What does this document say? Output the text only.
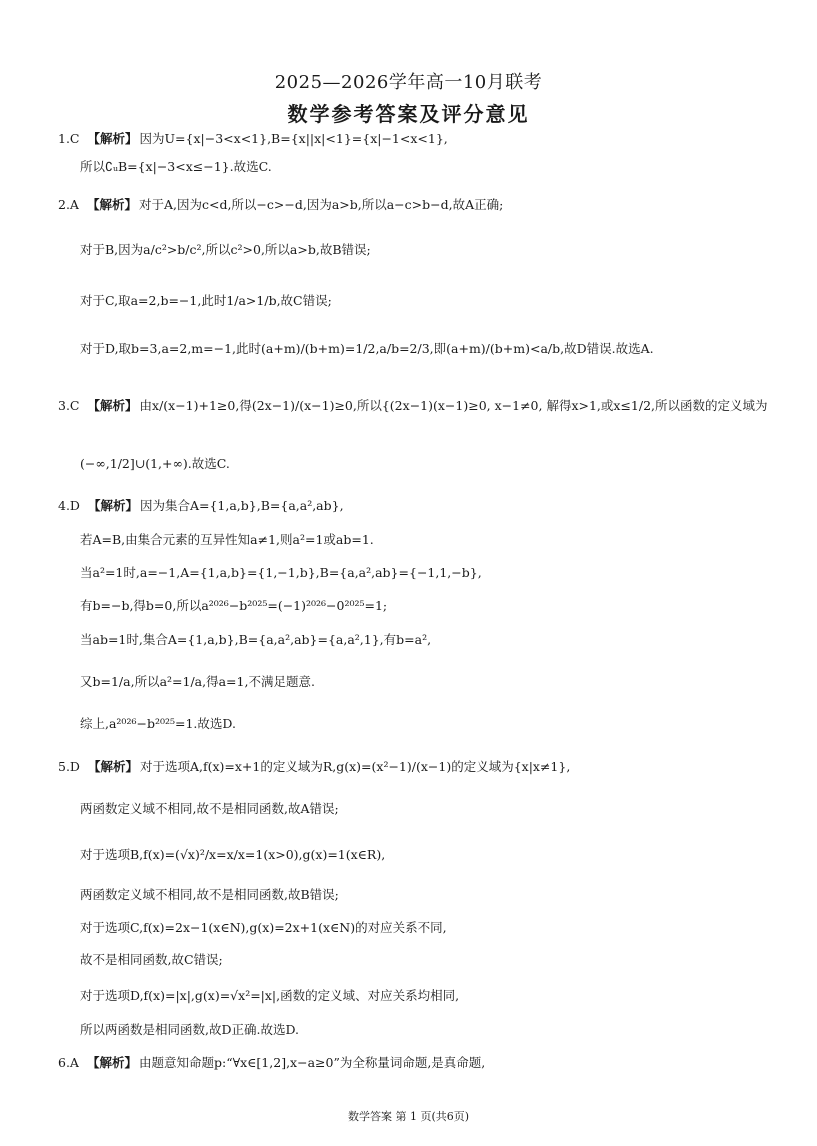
2025—2026学年高一10月联考
数学参考答案及评分意见
1.C 【解析】 因为U={x|−3<x<1},B={x||x|<1}={x|−1<x<1},
所以∁ᵤB={x|−3<x≤−1}.故选C.
2.A 【解析】 对于A,因为c<d,所以−c>−d,因为a>b,所以a−c>b−d,故A正确;
对于B,因为a/c²>b/c²,所以c²>0,所以a>b,故B错误;
对于C,取a=2,b=−1,此时1/a>1/b,故C错误;
对于D,取b=3,a=2,m=−1,此时(a+m)/(b+m)=1/2,a/b=2/3,即(a+m)/(b+m)<a/b,故D错误.故选A.
3.C 【解析】 由x/(x−1)+1≥0,得(2x−1)/(x−1)≥0,所以{(2x−1)(x−1)≥0, x−1≠0, 解得x>1,或x≤1/2,所以函数的定义域为
(−∞,1/2]∪(1,+∞).故选C.
4.D 【解析】 因为集合A={1,a,b},B={a,a²,ab},
若A=B,由集合元素的互异性知a≠1,则a²=1或ab=1.
当a²=1时,a=−1,A={1,a,b}={1,−1,b},B={a,a²,ab}={−1,1,−b},
有b=−b,得b=0,所以a²⁰²⁶−b²⁰²⁵=(−1)²⁰²⁶−0²⁰²⁵=1;
当ab=1时,集合A={1,a,b},B={a,a²,ab}={a,a²,1},有b=a²,
又b=1/a,所以a²=1/a,得a=1,不满足题意.
综上,a²⁰²⁶−b²⁰²⁵=1.故选D.
5.D 【解析】 对于选项A,f(x)=x+1的定义域为R,g(x)=(x²−1)/(x−1)的定义域为{x|x≠1},
两函数定义域不相同,故不是相同函数,故A错误;
对于选项B,f(x)=(√x)²/x=x/x=1(x>0),g(x)=1(x∈R),
两函数定义域不相同,故不是相同函数,故B错误;
对于选项C,f(x)=2x−1(x∈N),g(x)=2x+1(x∈N)的对应关系不同,
故不是相同函数,故C错误;
对于选项D,f(x)=|x|,g(x)=√x²=|x|,函数的定义域、对应关系均相同,
所以两函数是相同函数,故D正确.故选D.
6.A 【解析】 由题意知命题p:“∀x∈[1,2],x−a≥0”为全称量词命题,是真命题,
数学答案 第 1 页(共6页)
